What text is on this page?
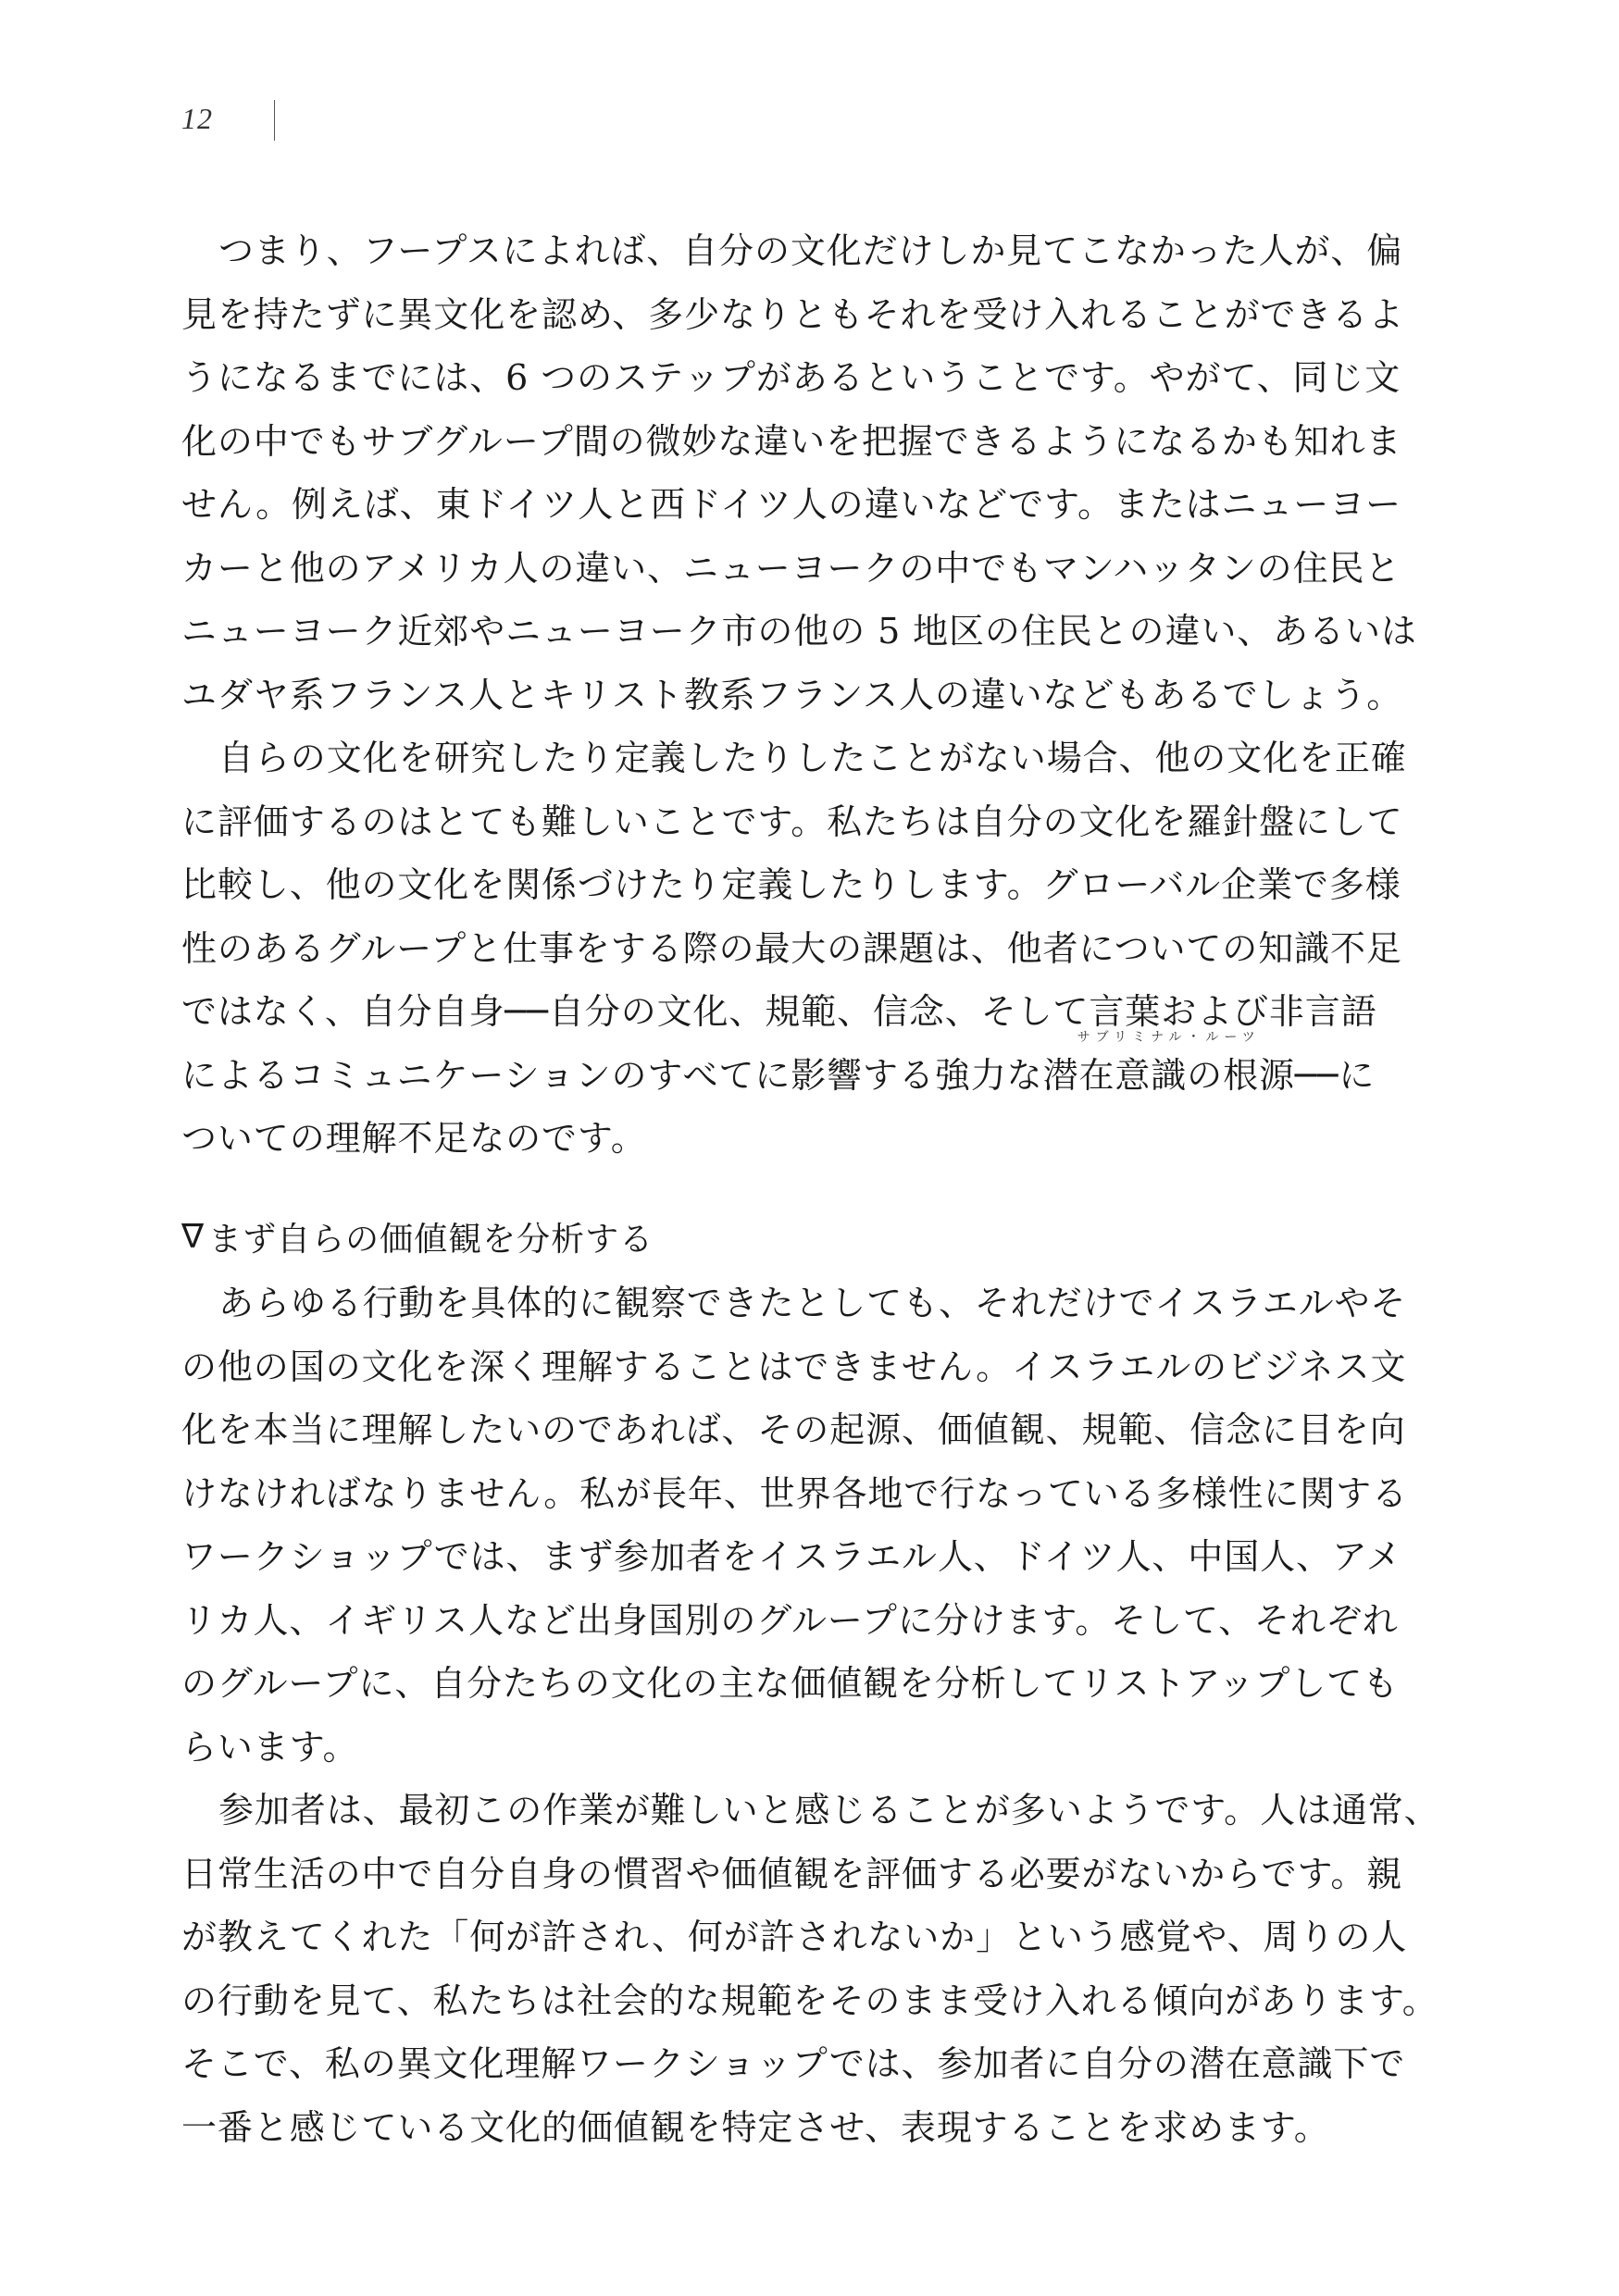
12

つまり、フープスによれば、自分の文化だけしか見てこなかった人が、偏
見を持たずに異文化を認め、多少なりともそれを受け入れることができるよ
うになるまでには、6 つのステップがあるということです。やがて、同じ文
化の中でもサブグループ間の微妙な違いを把握できるようになるかも知れま
せん。例えば、東ドイツ人と西ドイツ人の違いなどです。またはニューヨー
カーと他のアメリカ人の違い、ニューヨークの中でもマンハッタンの住民と
ニューヨーク近郊やニューヨーク市の他の 5 地区の住民との違い、あるいは
ユダヤ系フランス人とキリスト教系フランス人の違いなどもあるでしょう。

自らの文化を研究したり定義したりしたことがない場合、他の文化を正確
に評価するのはとても難しいことです。私たちは自分の文化を羅針盤にして
比較し、他の文化を関係づけたり定義したりします。グローバル企業で多様
性のあるグループと仕事をする際の最大の課題は、他者についての知識不足
ではなく、自分自身──自分の文化、規範、信念、そして言葉および非言語
によるコミュニケーションのすべてに影響する強力な
サブリミナル・ルーツ
潜在意識の根源──に
ついての理解不足なのです。

∇ まず自らの価値観を分析する

あらゆる行動を具体的に観察できたとしても、それだけでイスラエルやそ
の他の国の文化を深く理解することはできません。イスラエルのビジネス文
化を本当に理解したいのであれば、その起源、価値観、規範、信念に目を向
けなければなりません。私が長年、世界各地で行なっている多様性に関する
ワークショップでは、まず参加者をイスラエル人、ドイツ人、中国人、アメ
リカ人、イギリス人など出身国別のグループに分けます。そして、それぞれ
のグループに、自分たちの文化の主な価値観を分析してリストアップしても
らいます。

参加者は、最初この作業が難しいと感じることが多いようです。人は通常、
日常生活の中で自分自身の慣習や価値観を評価する必要がないからです。親
が教えてくれた「何が許され、何が許されないか」という感覚や、周りの人
の行動を見て、私たちは社会的な規範をそのまま受け入れる傾向があります。
そこで、私の異文化理解ワークショップでは、参加者に自分の潜在意識下で
一番と感じている文化的価値観を特定させ、表現することを求めます。
